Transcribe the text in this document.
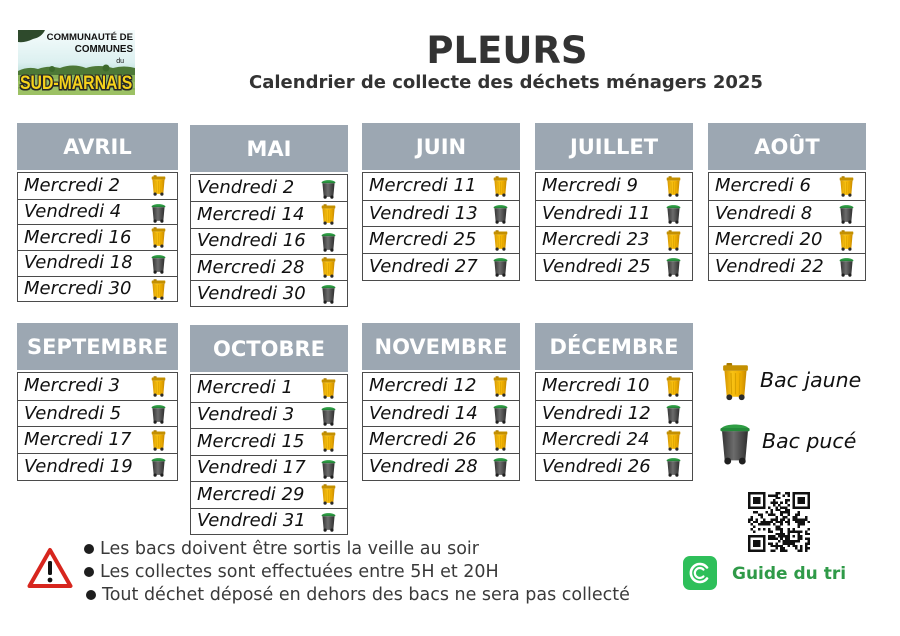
COMMUNAUTÉ DE
COMMUNES
du
SUD-MARNAIS
PLEURS
Calendrier de collecte des déchets ménagers 2025
AVRIL
Mercredi 2
Vendredi 4
Mercredi 16
Vendredi 18
Mercredi 30
MAI
Vendredi 2
Mercredi 14
Vendredi 16
Mercredi 28
Vendredi 30
JUIN
Mercredi 11
Vendredi 13
Mercredi 25
Vendredi 27
JUILLET
Mercredi 9
Vendredi 11
Mercredi 23
Vendredi 25
AOÛT
Mercredi 6
Vendredi 8
Mercredi 20
Vendredi 22
SEPTEMBRE
Mercredi 3
Vendredi 5
Mercredi 17
Vendredi 19
OCTOBRE
Mercredi 1
Vendredi 3
Mercredi 15
Vendredi 17
Mercredi 29
Vendredi 31
NOVEMBRE
Mercredi 12
Vendredi 14
Mercredi 26
Vendredi 28
DÉCEMBRE
Mercredi 10
Vendredi 12
Mercredi 24
Vendredi 26
Bac jaune
Bac pucé
Guide du tri
Les bacs doivent être sortis la veille au soir
Les collectes sont effectuées entre 5H et 20H
Tout déchet déposé en dehors des bacs ne sera pas collecté
